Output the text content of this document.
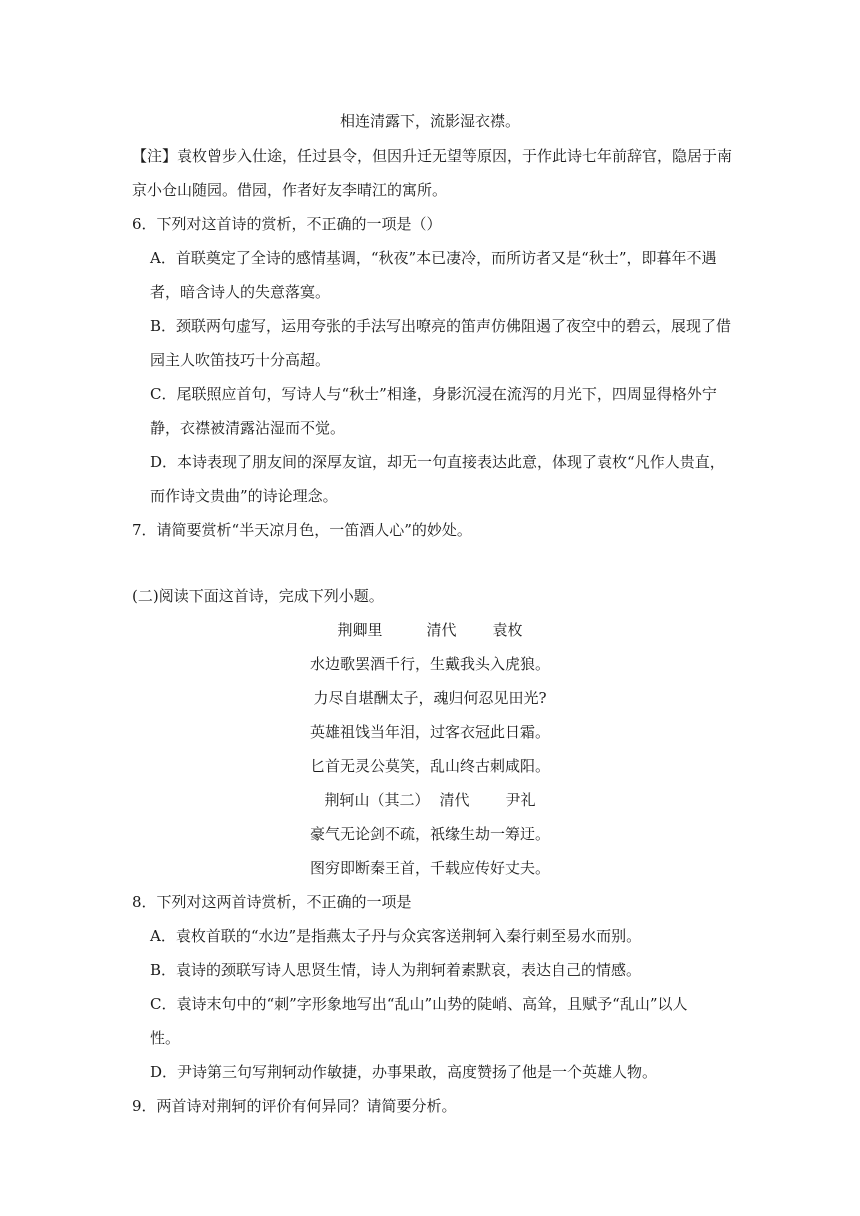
相连清露下，流影湿衣襟。
【注】袁枚曾步入仕途，任过县令，但因升迁无望等原因，于作此诗七年前辞官，隐居于南
京小仓山随园。借园，作者好友李晴江的寓所。
6．下列对这首诗的赏析，不正确的一项是（）
A．首联奠定了全诗的感情基调，“秋夜”本已凄冷，而所访者又是“秋士”，即暮年不遇
者，暗含诗人的失意落寞。
B．颈联两句虚写，运用夸张的手法写出嘹亮的笛声仿佛阻遏了夜空中的碧云，展现了借
园主人吹笛技巧十分高超。
C．尾联照应首句，写诗人与“秋士”相逢，身影沉浸在流泻的月光下，四周显得格外宁
静，衣襟被清露沾湿而不觉。
D．本诗表现了朋友间的深厚友谊，却无一句直接表达此意，体现了袁枚“凡作人贵直，
而作诗文贵曲”的诗论理念。
7．请简要赏析“半天凉月色，一笛酒人心”的妙处。
(二)阅读下面这首诗，完成下列小题。
荆卿里	清代 袁枚
水边歌罢酒千行，生戴我头入虎狼。
力尽自堪酬太子，魂归何忍见田光?
英雄祖饯当年泪，过客衣冠此日霜。
匕首无灵公莫笑，乱山终古刺咸阳。
荆轲山（其二） 清代 尹礼
豪气无论剑不疏，祇缘生劫一筹迂。
图穷即断秦王首，千载应传好丈夫。
8．下列对这两首诗赏析，不正确的一项是
A．袁枚首联的“水边”是指燕太子丹与众宾客送荆轲入秦行刺至易水而别。
B．袁诗的颈联写诗人思贤生情，诗人为荆轲着素默哀，表达自己的情感。
C．袁诗末句中的“刺”字形象地写出“乱山”山势的陡峭、高耸，且赋予“乱山”以人
性。
D．尹诗第三句写荆轲动作敏捷，办事果敢，高度赞扬了他是一个英雄人物。
9．两首诗对荆轲的评价有何异同？请简要分析。
